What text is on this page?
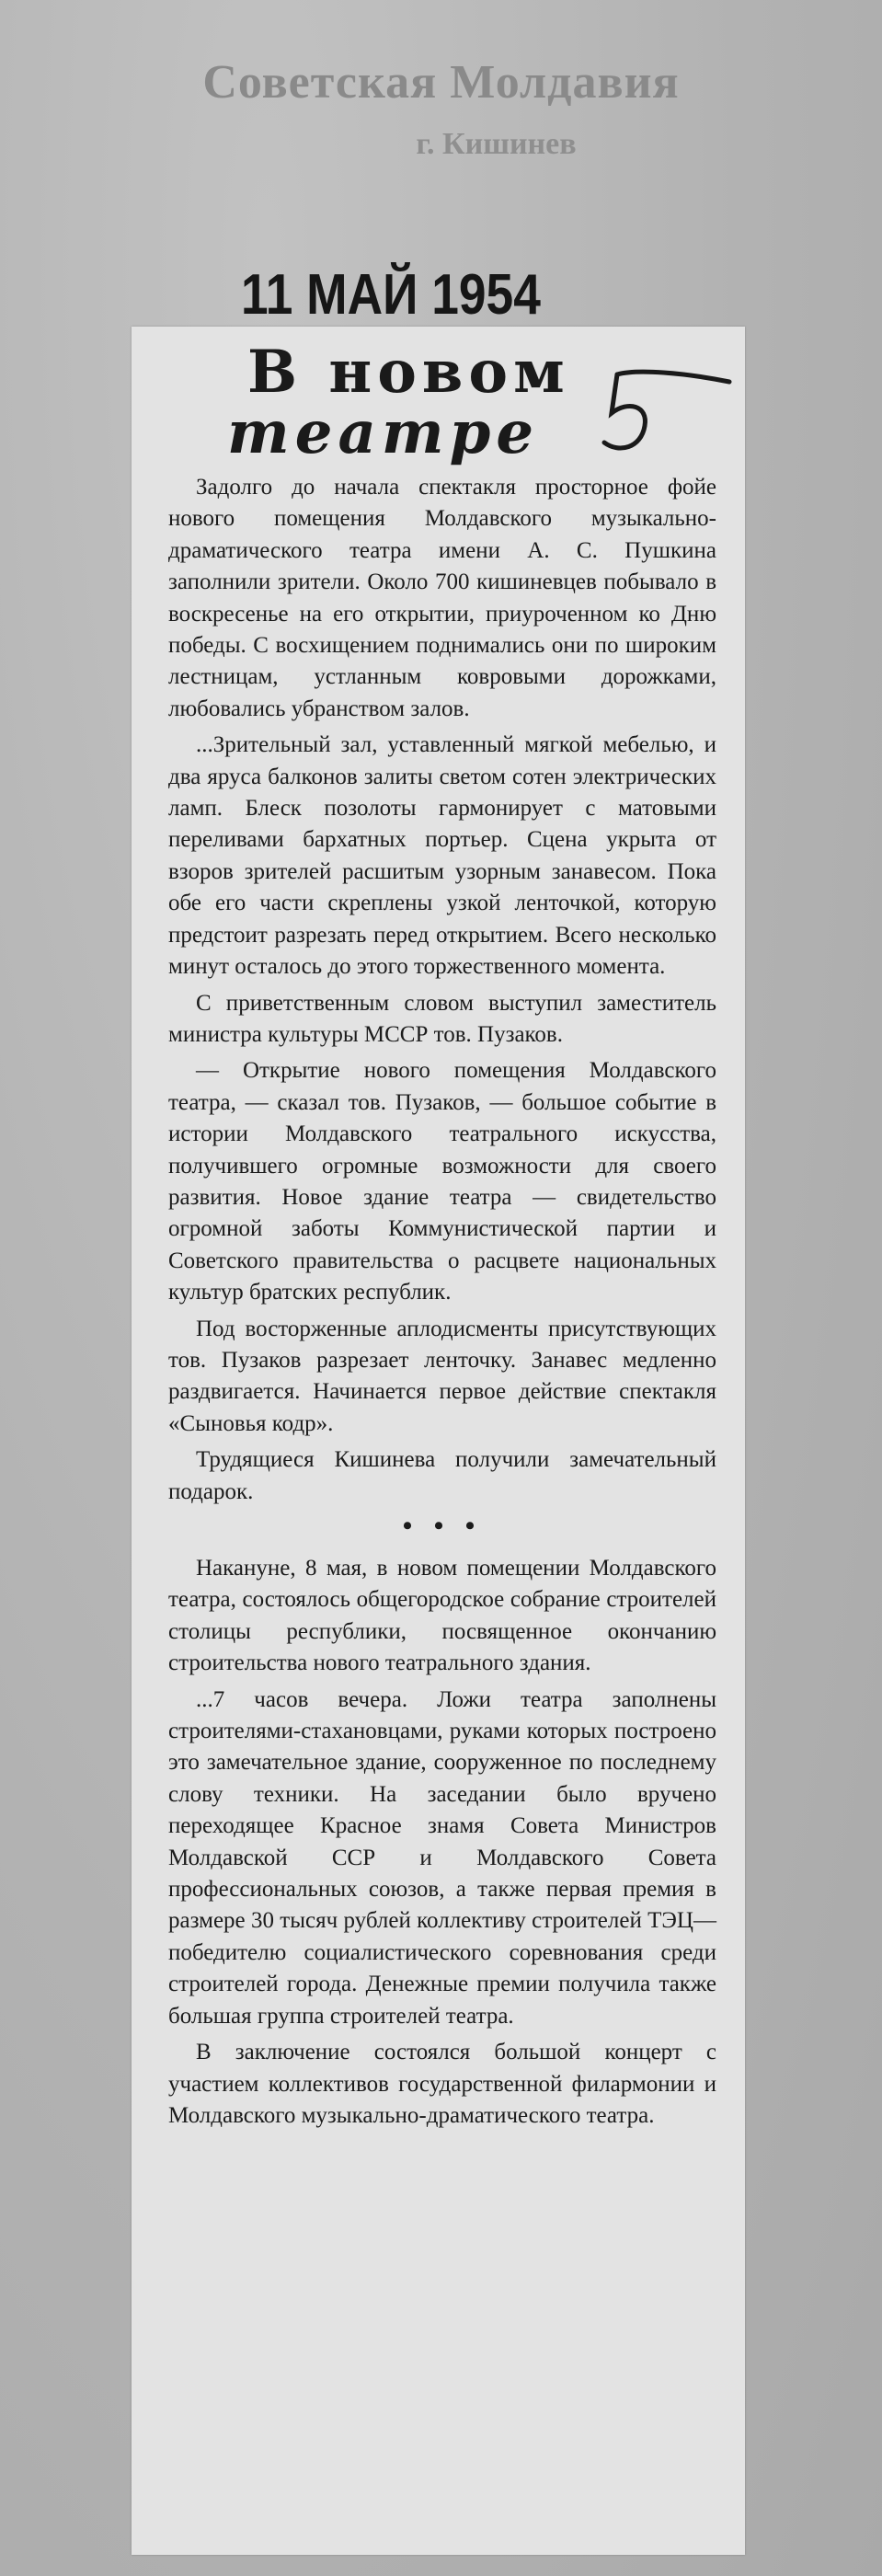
Советская Молдавия
г. Кишинев
11 МАЙ 1954
В новом
театре

Задолго до начала спектакля просторное фойе нового помещения Молдавского музыкально-драматического театра имени А. С. Пушкина заполнили зрители. Около 700 кишиневцев побывало в воскресенье на его открытии, приуроченном ко Дню победы. С восхищением поднимались они по широким лестницам, устланным ковровыми дорожками, любовались убранством залов.

...Зрительный зал, уставленный мягкой мебелью, и два яруса балконов залиты светом сотен электрических ламп. Блеск позолоты гармонирует с матовыми переливами бархатных портьер. Сцена укрыта от взоров зрителей расшитым узорным занавесом. Пока обе его части скреплены узкой ленточкой, которую предстоит разрезать перед открытием. Всего несколько минут осталось до этого торжественного момента.

С приветственным словом выступил заместитель министра культуры МССР тов. Пузаков.

— Открытие нового помещения Молдавского театра, — сказал тов. Пузаков, — большое событие в истории Молдавского театрального искусства, получившего огромные возможности для своего развития. Новое здание театра — свидетельство огромной заботы Коммунистической партии и Советского правительства о расцвете национальных культур братских республик.

Под восторженные аплодисменты присутствующих тов. Пузаков разрезает ленточку. Занавес медленно раздвигается. Начинается первое действие спектакля «Сыновья кодр».

Трудящиеся Кишинева получили замечательный подарок.

• • •

Накануне, 8 мая, в новом помещении Молдавского театра, состоялось общегородское собрание строителей столицы республики, посвященное окончанию строительства нового театрального здания.

...7 часов вечера. Ложи театра заполнены строителями-стахановцами, руками которых построено это замечательное здание, сооруженное по последнему слову техники. На заседании было вручено переходящее Красное знамя Совета Министров Молдавской ССР и Молдавского Совета профессиональных союзов, а также первая премия в размере 30 тысяч рублей коллективу строителей ТЭЦ—победителю социалистического соревнования среди строителей города. Денежные премии получила также большая группа строителей театра.

В заключение состоялся большой концерт с участием коллективов государственной филармонии и Молдавского музыкально-драматического театра.
